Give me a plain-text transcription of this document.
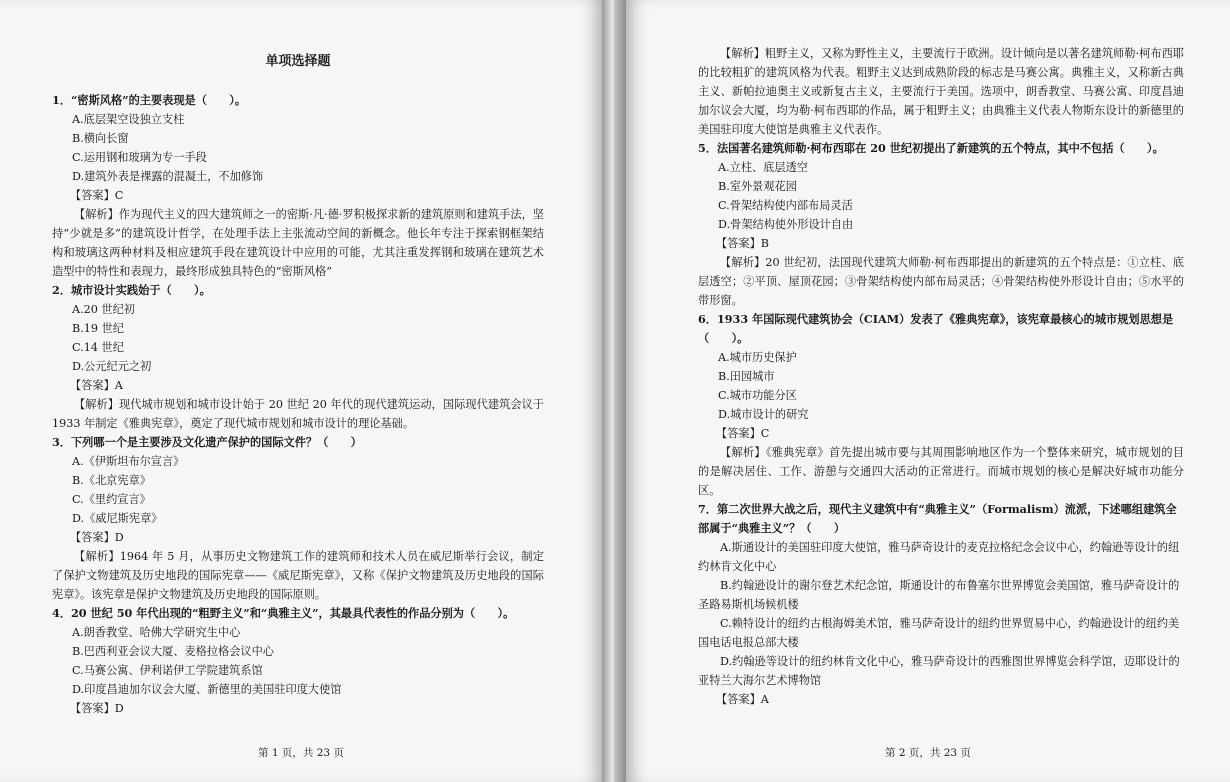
单项选择题

1．“密斯风格”的主要表现是（　　）。

A.底层架空设独立支柱

B.横向长窗

C.运用钢和玻璃为专一手段

D.建筑外表是裸露的混凝土，不加修饰

【答案】C

【解析】作为现代主义的四大建筑师之一的密斯·凡·德·罗积极探求新的建筑原则和建筑手法，坚持“少就是多”的建筑设计哲学，在处理手法上主张流动空间的新概念。他长年专注于探索钢框架结构和玻璃这两种材料及相应建筑手段在建筑设计中应用的可能，尤其注重发挥钢和玻璃在建筑艺术造型中的特性和表现力，最终形成独具特色的“密斯风格”

2．城市设计实践始于（　　）。

A.20 世纪初

B.19 世纪

C.14 世纪

D.公元纪元之初

【答案】A

【解析】现代城市规划和城市设计始于 20 世纪 20 年代的现代建筑运动，国际现代建筑会议于 1933 年制定《雅典宪章》，奠定了现代城市规划和城市设计的理论基础。

3．下列哪一个是主要涉及文化遗产保护的国际文件？（　　）

A.《伊斯坦布尔宣言》

B.《北京宪章》

C.《里约宣言》

D.《威尼斯宪章》

【答案】D

【解析】1964 年 5 月，从事历史文物建筑工作的建筑师和技术人员在威尼斯举行会议，制定了保护文物建筑及历史地段的国际宪章——《威尼斯宪章》，又称《保护文物建筑及历史地段的国际宪章》。该宪章是保护文物建筑及历史地段的国际原则。

4．20 世纪 50 年代出现的“粗野主义”和“典雅主义”，其最具代表性的作品分别为（　　）。

A.朗香教堂、哈佛大学研究生中心

B.巴西利亚会议大厦、麦格拉格会议中心

C.马赛公寓、伊利诺伊工学院建筑系馆

D.印度昌迪加尔议会大厦、新德里的美国驻印度大使馆

【答案】D

第 1 页，共 23 页

【解析】粗野主义，又称为野性主义，主要流行于欧洲。设计倾向是以著名建筑师勒·柯布西耶的比较粗犷的建筑风格为代表。粗野主义达到成熟阶段的标志是马赛公寓。典雅主义，又称新古典主义、新帕拉迪奥主义或新复古主义，主要流行于美国。选项中，朗香教堂、马赛公寓、印度昌迪加尔议会大厦，均为勒·柯布西耶的作品，属于粗野主义；由典雅主义代表人物斯东设计的新德里的美国驻印度大使馆是典雅主义代表作。

5．法国著名建筑师勒·柯布西耶在 20 世纪初提出了新建筑的五个特点，其中不包括（　　）。

A.立柱、底层透空

B.室外景观花园

C.骨架结构使内部布局灵活

D.骨架结构使外形设计自由

【答案】B

【解析】20 世纪初，法国现代建筑大师勒·柯布西耶提出的新建筑的五个特点是：①立柱、底层透空；②平顶、屋顶花园；③骨架结构使内部布局灵活；④骨架结构使外形设计自由；⑤水平的带形窗。

6．1933 年国际现代建筑协会（CIAM）发表了《雅典宪章》，该宪章最核心的城市规划思想是（　　）。

A.城市历史保护

B.田园城市

C.城市功能分区

D.城市设计的研究

【答案】C

【解析】《雅典宪章》首先提出城市要与其周围影响地区作为一个整体来研究，城市规划的目的是解决居住、工作、游憩与交通四大活动的正常进行。而城市规划的核心是解决好城市功能分区。

7．第二次世界大战之后，现代主义建筑中有“典雅主义”（Formalism）流派，下述哪组建筑全部属于“典雅主义”？（　　）

A.斯通设计的美国驻印度大使馆，雅马萨奇设计的麦克拉格纪念会议中心，约翰逊等设计的纽约林肯文化中心

B.约翰逊设计的谢尔登艺术纪念馆，斯通设计的布鲁塞尔世界博览会美国馆，雅马萨奇设计的圣路易斯机场候机楼

C.赖特设计的纽约古根海姆美术馆，雅马萨奇设计的纽约世界贸易中心，约翰逊设计的纽约美国电话电报总部大楼

D.约翰逊等设计的纽约林肯文化中心，雅马萨奇设计的西雅图世界博览会科学馆，迈耶设计的亚特兰大海尔艺术博物馆

【答案】A

第 2 页，共 23 页
